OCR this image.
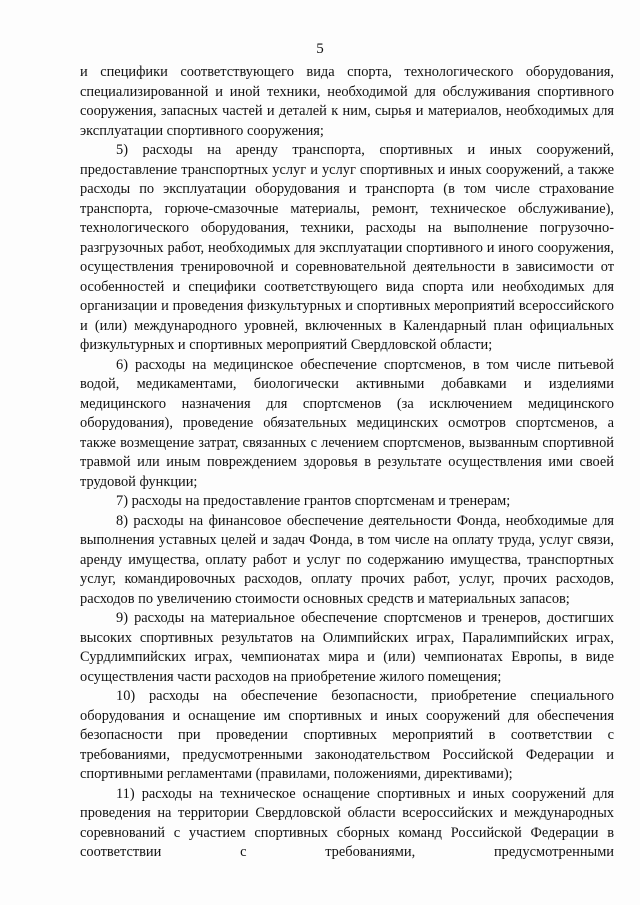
5

и специфики соответствующего вида спорта, технологического оборудования, специализированной и иной техники, необходимой для обслуживания спортивного сооружения, запасных частей и деталей к ним, сырья и материалов, необходимых для эксплуатации спортивного сооружения;

5) расходы на аренду транспорта, спортивных и иных сооружений, предоставление транспортных услуг и услуг спортивных и иных сооружений, а также расходы по эксплуатации оборудования и транспорта (в том числе страхование транспорта, горюче-смазочные материалы, ремонт, техническое обслуживание), технологического оборудования, техники, расходы на выполнение погрузочно-разгрузочных работ, необходимых для эксплуатации спортивного и иного сооружения, осуществления тренировочной и соревновательной деятельности в зависимости от особенностей и специфики соответствующего вида спорта или необходимых для организации и проведения физкультурных и спортивных мероприятий всероссийского и (или) международного уровней, включенных в Календарный план официальных физкультурных и спортивных мероприятий Свердловской области;

6) расходы на медицинское обеспечение спортсменов, в том числе питьевой водой, медикаментами, биологически активными добавками и изделиями медицинского назначения для спортсменов (за исключением медицинского оборудования), проведение обязательных медицинских осмотров спортсменов, а также возмещение затрат, связанных с лечением спортсменов, вызванным спортивной травмой или иным повреждением здоровья в результате осуществления ими своей трудовой функции;

7) расходы на предоставление грантов спортсменам и тренерам;

8) расходы на финансовое обеспечение деятельности Фонда, необходимые для выполнения уставных целей и задач Фонда, в том числе на оплату труда, услуг связи, аренду имущества, оплату работ и услуг по содержанию имущества, транспортных услуг, командировочных расходов, оплату прочих работ, услуг, прочих расходов, расходов по увеличению стоимости основных средств и материальных запасов;

9) расходы на материальное обеспечение спортсменов и тренеров, достигших высоких спортивных результатов на Олимпийских играх, Паралимпийских играх, Сурдлимпийских играх, чемпионатах мира и (или) чемпионатах Европы, в виде осуществления части расходов на приобретение жилого помещения;

10) расходы на обеспечение безопасности, приобретение специального оборудования и оснащение им спортивных и иных сооружений для обеспечения безопасности при проведении спортивных мероприятий в соответствии с требованиями, предусмотренными законодательством Российской Федерации и спортивными регламентами (правилами, положениями, директивами);

11) расходы на техническое оснащение спортивных и иных сооружений для проведения на территории Свердловской области всероссийских и международных соревнований с участием спортивных сборных команд Российской Федерации в соответствии с требованиями, предусмотренными
